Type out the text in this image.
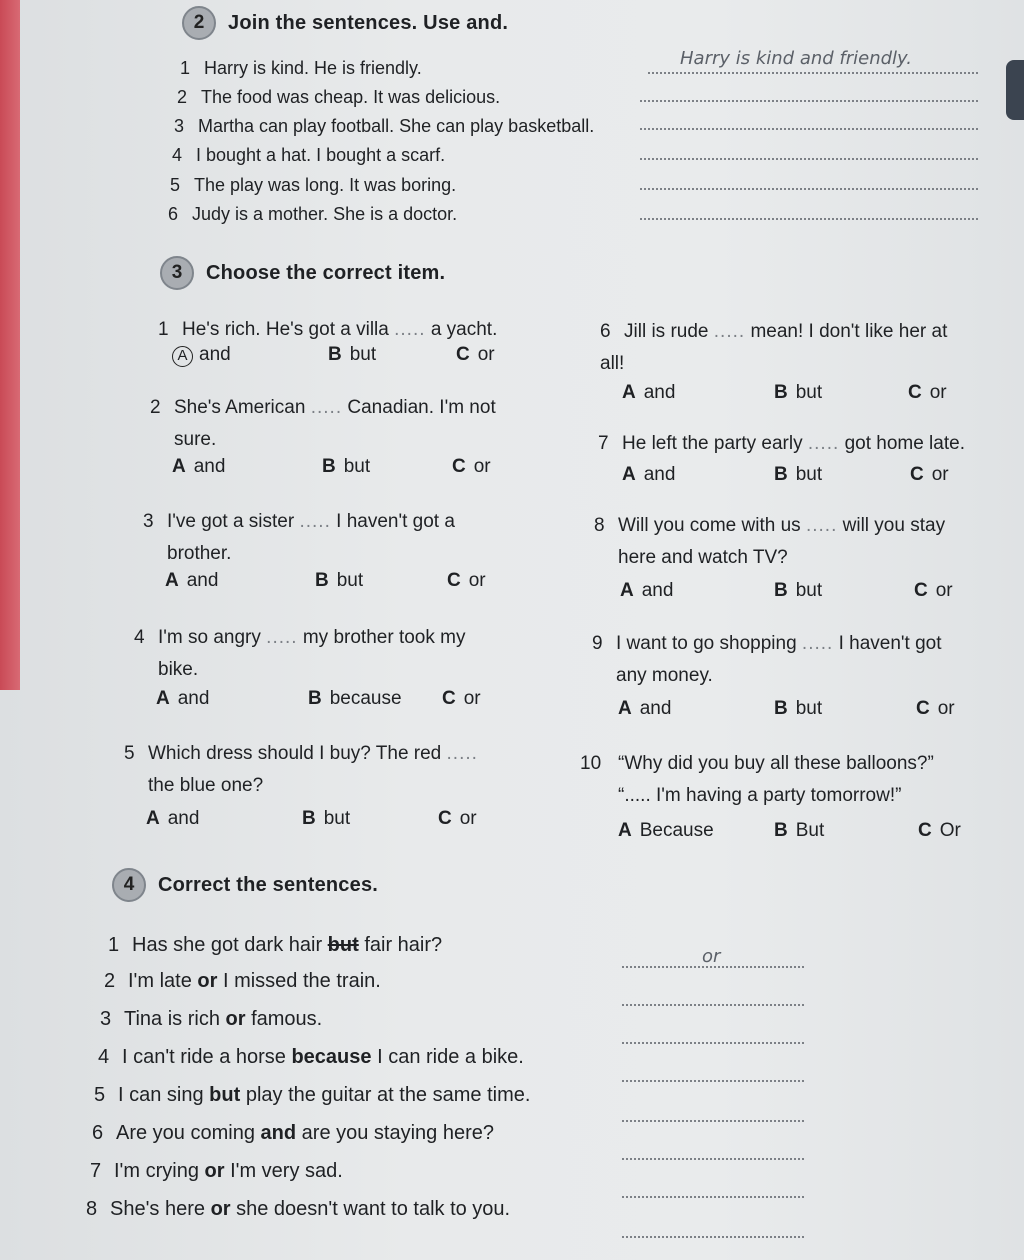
2	Join the sentences. Use and.
1 Harry is kind. He is friendly.	Harry is kind and friendly.
2 The food was cheap. It was delicious.
3 Martha can play football. She can play basketball.
4 I bought a hat. I bought a scarf.
5 The play was long. It was boring.
6 Judy is a mother. She is a doctor.
3	Choose the correct item.
1 He's rich. He's got a villa ..... a yacht.
A and	B but	C or
2 She's American ..... Canadian. I'm not
sure.
A and	B but	C or
3 I've got a sister ..... I haven't got a
brother.
A and	B but	C or
4 I'm so angry ..... my brother took my
bike.
A and	B because C or
5 Which dress should I buy? The red .....
the blue one?
A and	B but	C or
6 Jill is rude ..... mean! I don't like her at
all!
A and	B but	C or
7 He left the party early ..... got home late.
A and	B but	C or
8 Will you come with us ..... will you stay
here and watch TV?
A and	B but	C or
9 I want to go shopping ..... I haven't got
any money.
A and	B but	C or
10 “Why did you buy all these balloons?”
“..... I'm having a party tomorrow!”
A Because	B But	C Or
4	Correct the sentences.
1 Has she got dark hair but fair hair?
or
2 I'm late or I missed the train.
3 Tina is rich or famous.
4 I can't ride a horse because I can ride a bike.
5 I can sing but play the guitar at the same time.
6 Are you coming and are you staying here?
7 I'm crying or I'm very sad.
8 She's here or she doesn't want to talk to you.
